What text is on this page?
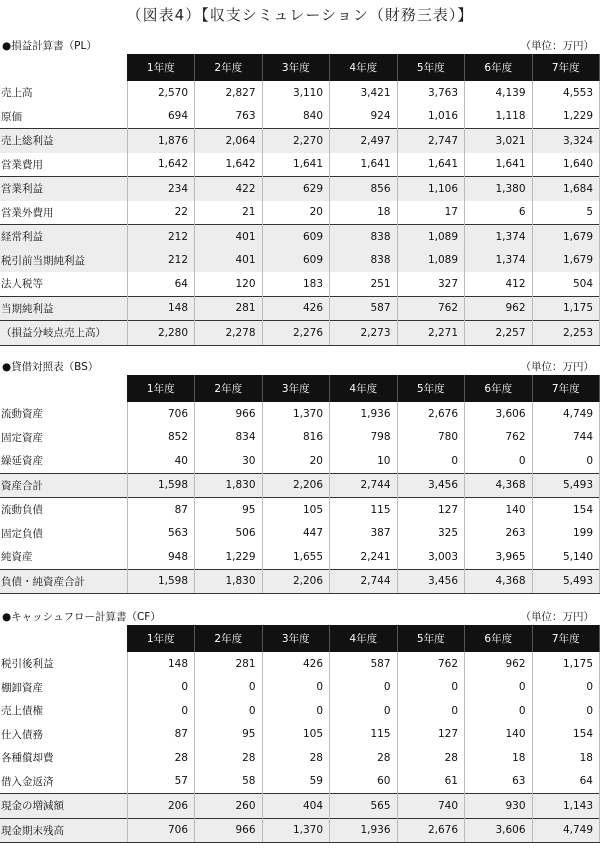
（図表4）【収支シミュレーション（財務三表）】
●損益計算書（PL）	（単位：万円）
	1年度	2年度	3年度	4年度	5年度	6年度	7年度
売上高	2,570	2,827	3,110	3,421	3,763	4,139	4,553
原価	694	763	840	924	1,016	1,118	1,229
売上総利益	1,876	2,064	2,270	2,497	2,747	3,021	3,324
営業費用	1,642	1,642	1,641	1,641	1,641	1,641	1,640
営業利益	234	422	629	856	1,106	1,380	1,684
営業外費用	22	21	20	18	17	6	5
経常利益	212	401	609	838	1,089	1,374	1,679
税引前当期純利益	212	401	609	838	1,089	1,374	1,679
法人税等	64	120	183	251	327	412	504
当期純利益	148	281	426	587	762	962	1,175
（損益分岐点売上高）	2,280	2,278	2,276	2,273	2,271	2,257	2,253
●貸借対照表（BS）	（単位：万円）
	1年度	2年度	3年度	4年度	5年度	6年度	7年度
流動資産	706	966	1,370	1,936	2,676	3,606	4,749
固定資産	852	834	816	798	780	762	744
繰延資産	40	30	20	10	0	0	0
資産合計	1,598	1,830	2,206	2,744	3,456	4,368	5,493
流動負債	87	95	105	115	127	140	154
固定負債	563	506	447	387	325	263	199
純資産	948	1,229	1,655	2,241	3,003	3,965	5,140
負債・純資産合計	1,598	1,830	2,206	2,744	3,456	4,368	5,493
●キャッシュフロー計算書（CF）	（単位：万円）
	1年度	2年度	3年度	4年度	5年度	6年度	7年度
税引後利益	148	281	426	587	762	962	1,175
棚卸資産	0	0	0	0	0	0	0
売上債権	0	0	0	0	0	0	0
仕入債務	87	95	105	115	127	140	154
各種償却費	28	28	28	28	28	18	18
借入金返済	57	58	59	60	61	63	64
現金の増減額	206	260	404	565	740	930	1,143
現金期末残高	706	966	1,370	1,936	2,676	3,606	4,749
